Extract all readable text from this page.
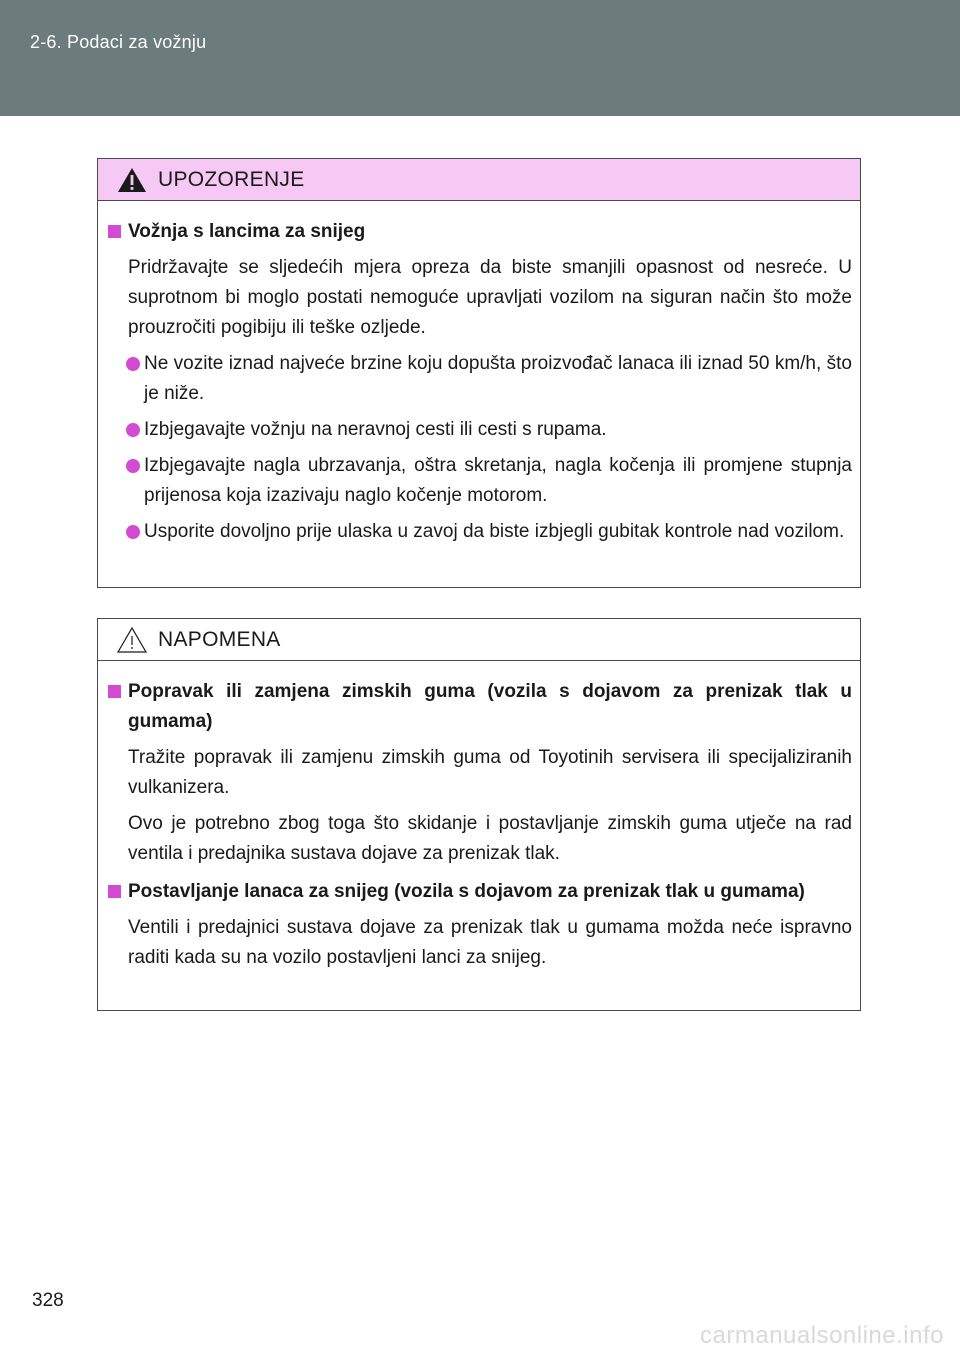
2-6. Podaci za vožnju
UPOZORENJE
Vožnja s lancima za snijeg
Pridržavajte se sljedećih mjera opreza da biste smanjili opasnost od nesreće. U suprotnom bi moglo postati nemoguće upravljati vozilom na siguran način što može prouzročiti pogibiju ili teške ozljede.
Ne vozite iznad najveće brzine koju dopušta proizvođač lanaca ili iznad 50 km/h, što je niže.
Izbjegavajte vožnju na neravnoj cesti ili cesti s rupama.
Izbjegavajte nagla ubrzavanja, oštra skretanja, nagla kočenja ili promjene stupnja prijenosa koja izazivaju naglo kočenje motorom.
Usporite dovoljno prije ulaska u zavoj da biste izbjegli gubitak kontrole nad vozilom.
NAPOMENA
Popravak ili zamjena zimskih guma (vozila s dojavom za prenizak tlak u gumama)
Tražite popravak ili zamjenu zimskih guma od Toyotinih servisera ili specijaliziranih vulkanizera.
Ovo je potrebno zbog toga što skidanje i postavljanje zimskih guma utječe na rad ventila i predajnika sustava dojave za prenizak tlak.
Postavljanje lanaca za snijeg (vozila s dojavom za prenizak tlak u gumama)
Ventili i predajnici sustava dojave za prenizak tlak u gumama možda neće ispravno raditi kada su na vozilo postavljeni lanci za snijeg.
328
carmanualsonline.info
